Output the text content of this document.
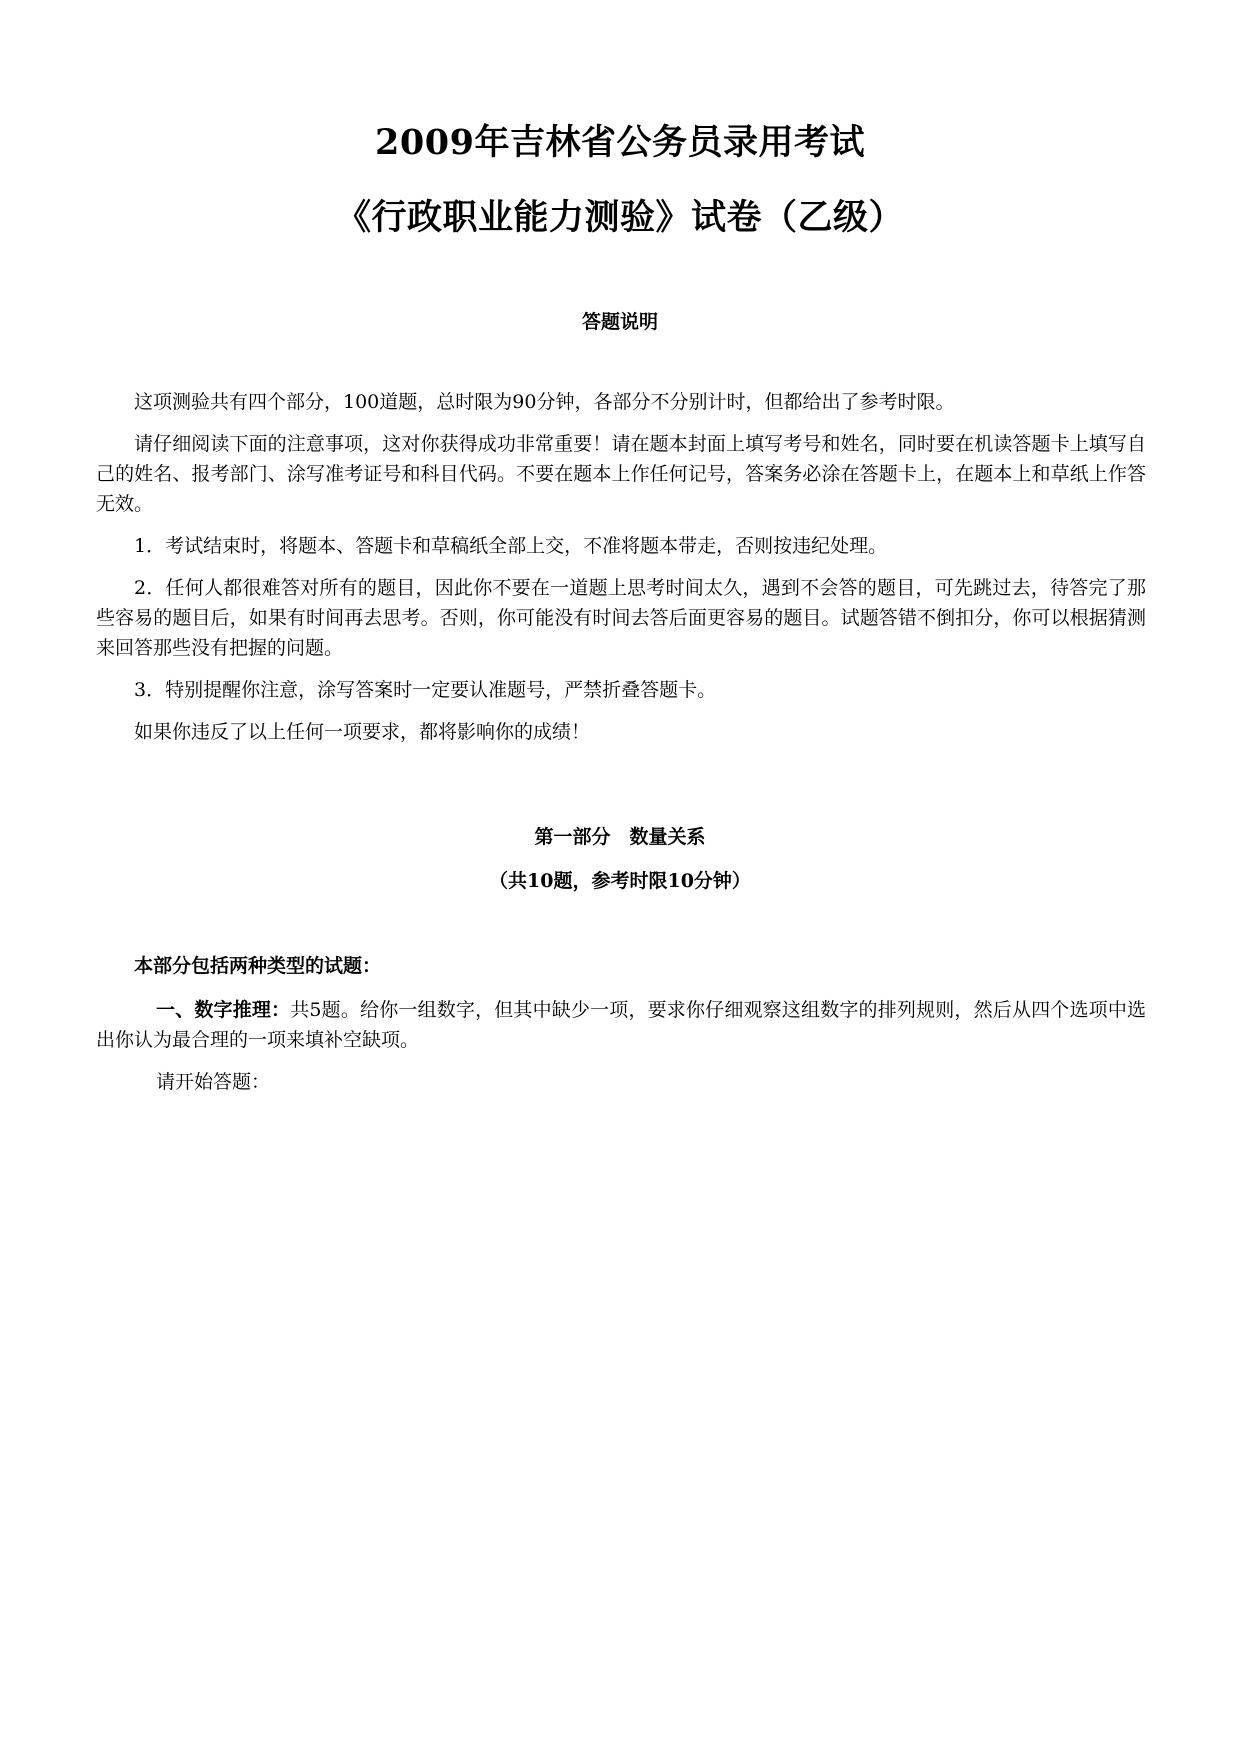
2009年吉林省公务员录用考试
《行政职业能力测验》试卷（乙级）
答题说明

这项测验共有四个部分，100道题，总时限为90分钟，各部分不分别计时，但都给出了参考时限。

请仔细阅读下面的注意事项，这对你获得成功非常重要！请在题本封面上填写考号和姓名，同时要在机读答题卡上填写自己的姓名、报考部门、涂写准考证号和科目代码。不要在题本上作任何记号，答案务必涂在答题卡上，在题本上和草纸上作答无效。

1．考试结束时，将题本、答题卡和草稿纸全部上交，不准将题本带走，否则按违纪处理。

2．任何人都很难答对所有的题目，因此你不要在一道题上思考时间太久，遇到不会答的题目，可先跳过去，待答完了那些容易的题目后，如果有时间再去思考。否则，你可能没有时间去答后面更容易的题目。试题答错不倒扣分，你可以根据猜测来回答那些没有把握的问题。

3．特别提醒你注意，涂写答案时一定要认准题号，严禁折叠答题卡。

如果你违反了以上任何一项要求，都将影响你的成绩！

第一部分　数量关系
（共10题，参考时限10分钟）

本部分包括两种类型的试题：

一、数字推理：共5题。给你一组数字，但其中缺少一项，要求你仔细观察这组数字的排列规则，然后从四个选项中选出你认为最合理的一项来填补空缺项。

请开始答题：
